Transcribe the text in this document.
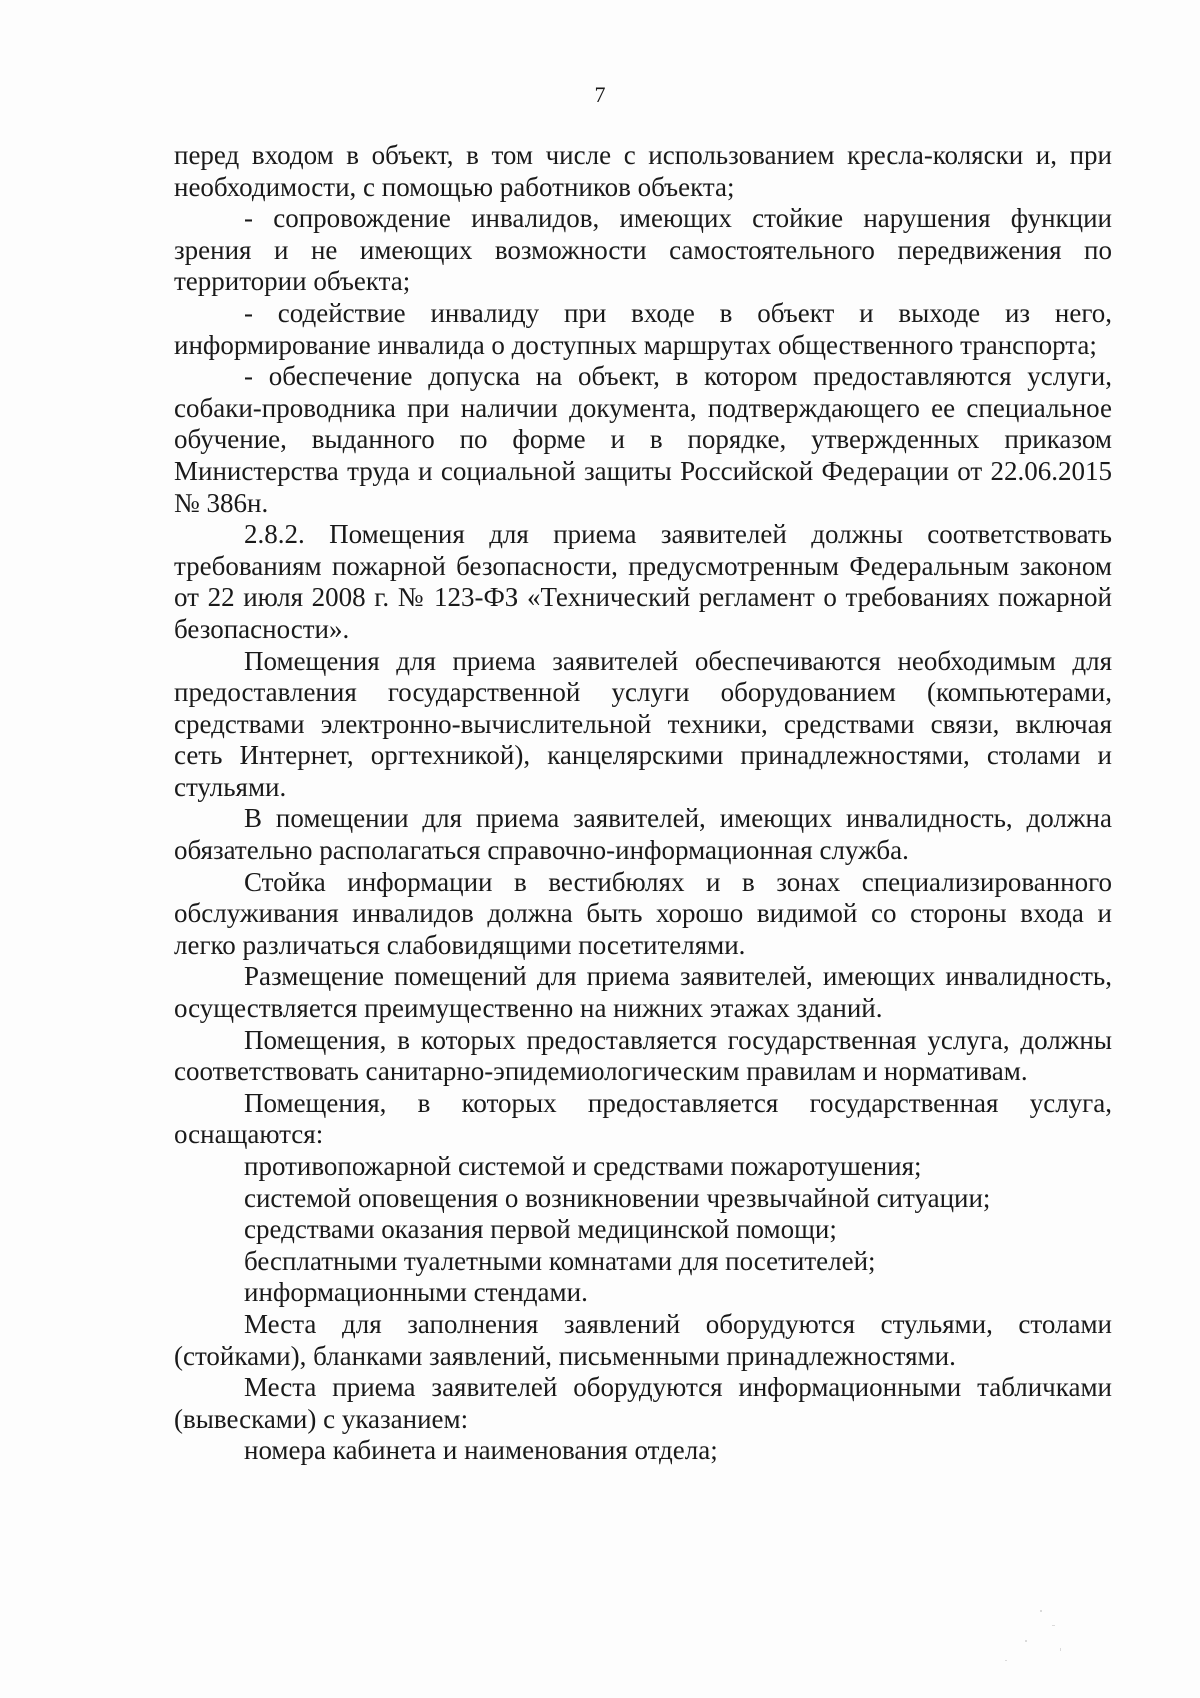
7

перед входом в объект, в том числе с использованием кресла-коляски и, при необходимости, с помощью работников объекта;

- сопровождение инвалидов, имеющих стойкие нарушения функции зрения и не имеющих возможности самостоятельного передвижения по территории объекта;

- содействие инвалиду при входе в объект и выходе из него, информирование инвалида о доступных маршрутах общественного транспорта;

- обеспечение допуска на объект, в котором предоставляются услуги, собаки-проводника при наличии документа, подтверждающего ее специальное обучение, выданного по форме и в порядке, утвержденных приказом Министерства труда и социальной защиты Российской Федерации от 22.06.2015 № 386н.

2.8.2. Помещения для приема заявителей должны соответствовать требованиям пожарной безопасности, предусмотренным Федеральным законом от 22 июля 2008 г. № 123-ФЗ «Технический регламент о требованиях пожарной безопасности».

Помещения для приема заявителей обеспечиваются необходимым для предоставления государственной услуги оборудованием (компьютерами, средствами электронно-вычислительной техники, средствами связи, включая сеть Интернет, оргтехникой), канцелярскими принадлежностями, столами и стульями.

В помещении для приема заявителей, имеющих инвалидность, должна обязательно располагаться справочно-информационная служба.

Стойка информации в вестибюлях и в зонах специализированного обслуживания инвалидов должна быть хорошо видимой со стороны входа и легко различаться слабовидящими посетителями.

Размещение помещений для приема заявителей, имеющих инвалидность, осуществляется преимущественно на нижних этажах зданий.

Помещения, в которых предоставляется государственная услуга, должны соответствовать санитарно-эпидемиологическим правилам и нормативам.

Помещения, в которых предоставляется государственная услуга, оснащаются:

противопожарной системой и средствами пожаротушения;

системой оповещения о возникновении чрезвычайной ситуации;

средствами оказания первой медицинской помощи;

бесплатными туалетными комнатами для посетителей;

информационными стендами.

Места для заполнения заявлений оборудуются стульями, столами (стойками), бланками заявлений, письменными принадлежностями.

Места приема заявителей оборудуются информационными табличками (вывесками) с указанием:

номера кабинета и наименования отдела;
